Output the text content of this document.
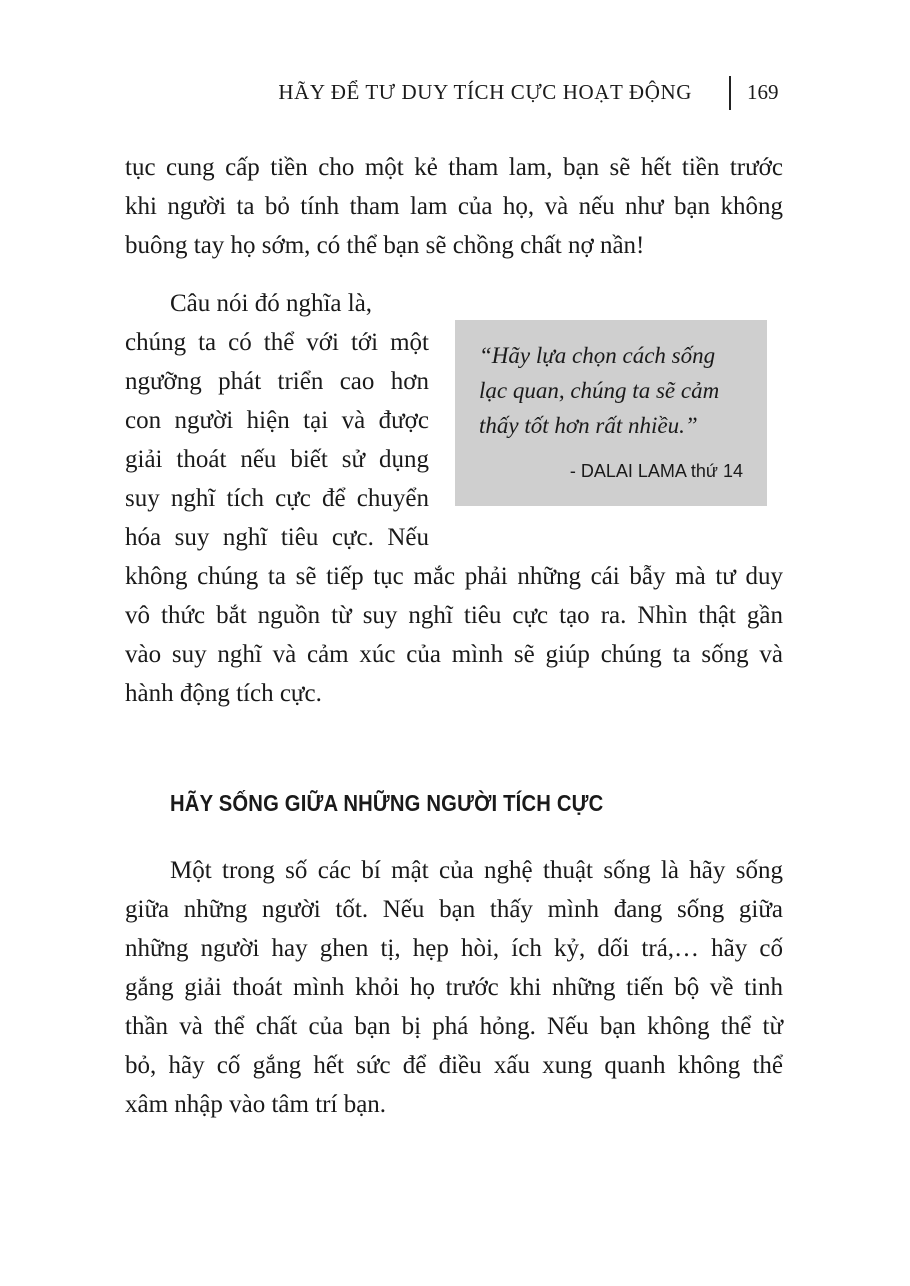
HÃY ĐỂ TƯ DUY TÍCH CỰC HOẠT ĐỘNG	169

tục cung cấp tiền cho một kẻ tham lam, bạn sẽ hết tiền trước
khi người ta bỏ tính tham lam của họ, và nếu như bạn không
buông tay họ sớm, có thể bạn sẽ chồng chất nợ nần!

Câu nói đó nghĩa là,
chúng ta có thể với tới một
ngưỡng phát triển cao hơn
con người hiện tại và được
giải thoát nếu biết sử dụng
suy nghĩ tích cực để chuyển
hóa suy nghĩ tiêu cực. Nếu

“Hãy lựa chọn cách sống
lạc quan, chúng ta sẽ cảm
thấy tốt hơn rất nhiều.”

- DALAI LAMA thứ 14

không chúng ta sẽ tiếp tục mắc phải những cái bẫy mà tư duy
vô thức bắt nguồn từ suy nghĩ tiêu cực tạo ra. Nhìn thật gần
vào suy nghĩ và cảm xúc của mình sẽ giúp chúng ta sống và
hành động tích cực.

HÃY SỐNG GIỮA NHỮNG NGƯỜI TÍCH CỰC

Một trong số các bí mật của nghệ thuật sống là hãy sống
giữa những người tốt. Nếu bạn thấy mình đang sống giữa
những người hay ghen tị, hẹp hòi, ích kỷ, dối trá,… hãy cố
gắng giải thoát mình khỏi họ trước khi những tiến bộ về tinh
thần và thể chất của bạn bị phá hỏng. Nếu bạn không thể từ
bỏ, hãy cố gắng hết sức để điều xấu xung quanh không thể
xâm nhập vào tâm trí bạn.
